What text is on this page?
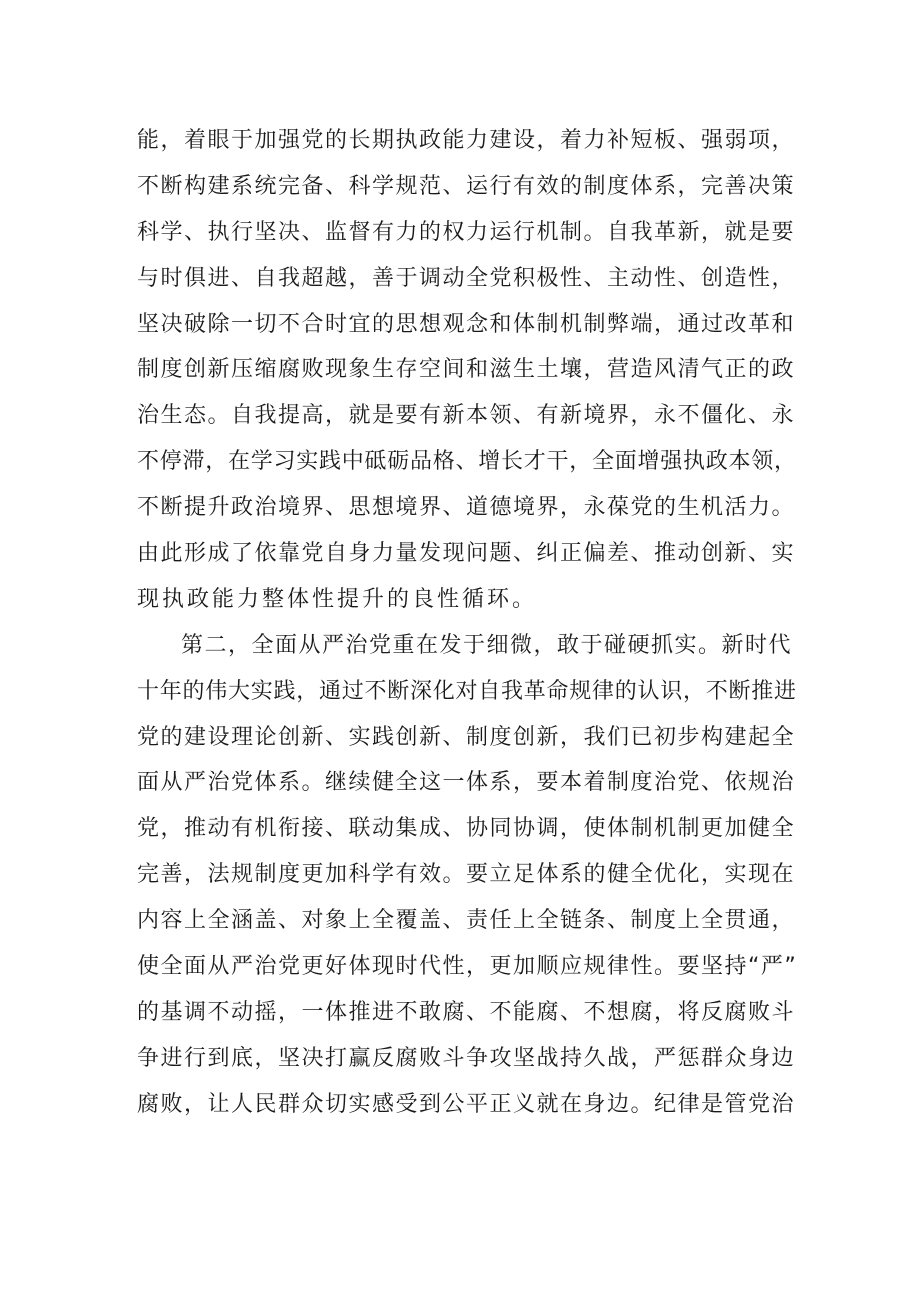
能，着眼于加强党的长期执政能力建设，着力补短板、强弱项，
不断构建系统完备、科学规范、运行有效的制度体系，完善决策
科学、执行坚决、监督有力的权力运行机制。自我革新，就是要
与时俱进、自我超越，善于调动全党积极性、主动性、创造性，
坚决破除一切不合时宜的思想观念和体制机制弊端，通过改革和
制度创新压缩腐败现象生存空间和滋生土壤，营造风清气正的政
治生态。自我提高，就是要有新本领、有新境界，永不僵化、永
不停滞，在学习实践中砥砺品格、增长才干，全面增强执政本领，
不断提升政治境界、思想境界、道德境界，永葆党的生机活力。
由此形成了依靠党自身力量发现问题、纠正偏差、推动创新、实
现执政能力整体性提升的良性循环。
第二，全面从严治党重在发于细微，敢于碰硬抓实。新时代
十年的伟大实践，通过不断深化对自我革命规律的认识，不断推进
党的建设理论创新、实践创新、制度创新，我们已初步构建起全
面从严治党体系。继续健全这一体系，要本着制度治党、依规治
党，推动有机衔接、联动集成、协同协调，使体制机制更加健全
完善，法规制度更加科学有效。要立足体系的健全优化，实现在
内容上全涵盖、对象上全覆盖、责任上全链条、制度上全贯通，
使全面从严治党更好体现时代性，更加顺应规律性。要坚持“严”
的基调不动摇，一体推进不敢腐、不能腐、不想腐，将反腐败斗
争进行到底，坚决打赢反腐败斗争攻坚战持久战，严惩群众身边
腐败，让人民群众切实感受到公平正义就在身边。纪律是管党治
